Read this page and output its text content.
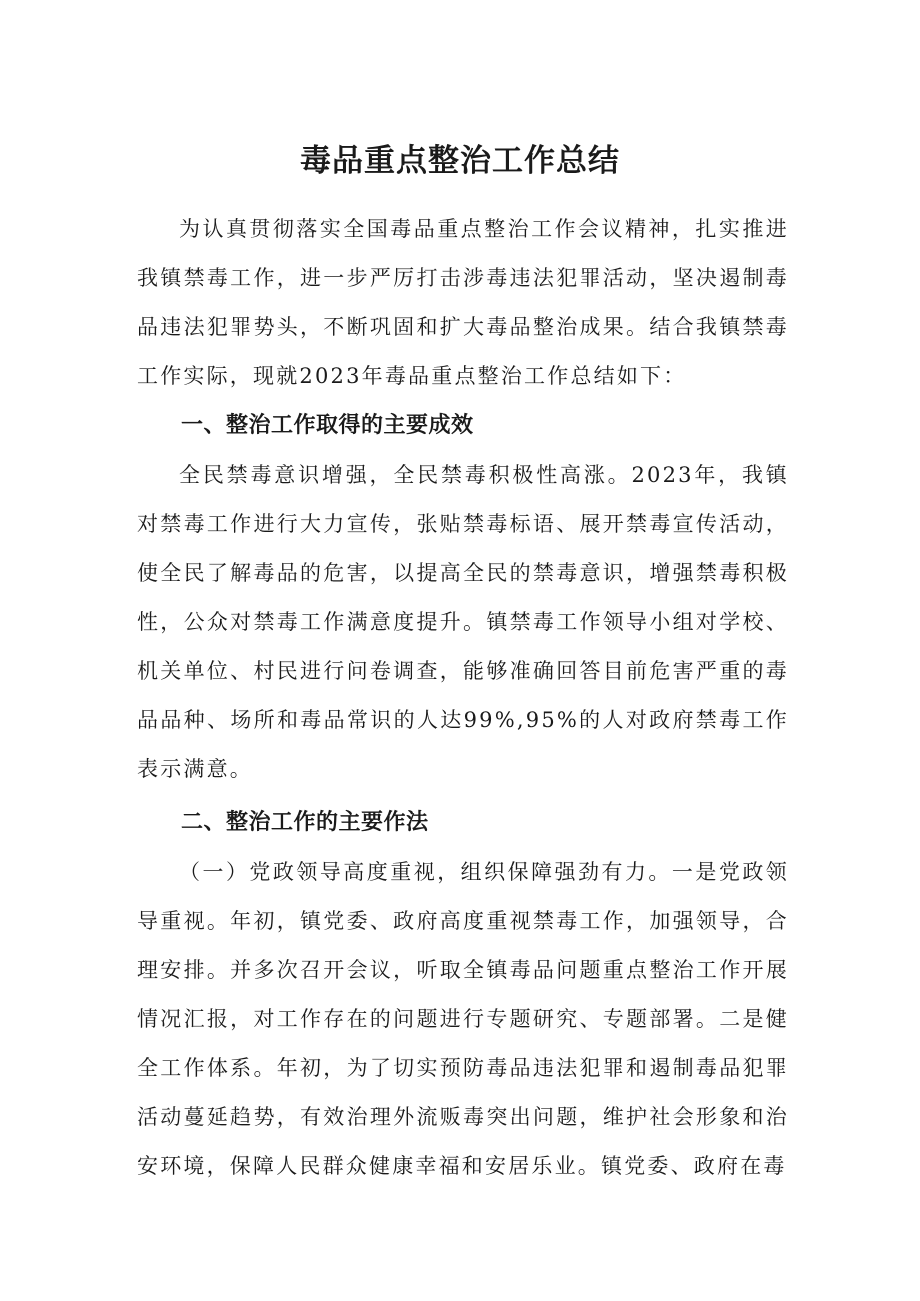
毒品重点整治工作总结

为认真贯彻落实全国毒品重点整治工作会议精神，扎实推进我镇禁毒工作，进一步严厉打击涉毒违法犯罪活动，坚决遏制毒品违法犯罪势头，不断巩固和扩大毒品整治成果。结合我镇禁毒工作实际，现就2023年毒品重点整治工作总结如下：

一、整治工作取得的主要成效

全民禁毒意识增强，全民禁毒积极性高涨。2023年，我镇对禁毒工作进行大力宣传，张贴禁毒标语、展开禁毒宣传活动，使全民了解毒品的危害，以提高全民的禁毒意识，增强禁毒积极性，公众对禁毒工作满意度提升。镇禁毒工作领导小组对学校、机关单位、村民进行问卷调查，能够准确回答目前危害严重的毒品品种、场所和毒品常识的人达99%,95%的人对政府禁毒工作表示满意。

二、整治工作的主要作法

（一）党政领导高度重视，组织保障强劲有力。一是党政领导重视。年初，镇党委、政府高度重视禁毒工作，加强领导，合理安排。并多次召开会议，听取全镇毒品问题重点整治工作开展情况汇报，对工作存在的问题进行专题研究、专题部署。二是健全工作体系。年初，为了切实预防毒品违法犯罪和遏制毒品犯罪活动蔓延趋势，有效治理外流贩毒突出问题，维护社会形象和治安环境，保障人民群众健康幸福和安居乐业。镇党委、政府在毒
